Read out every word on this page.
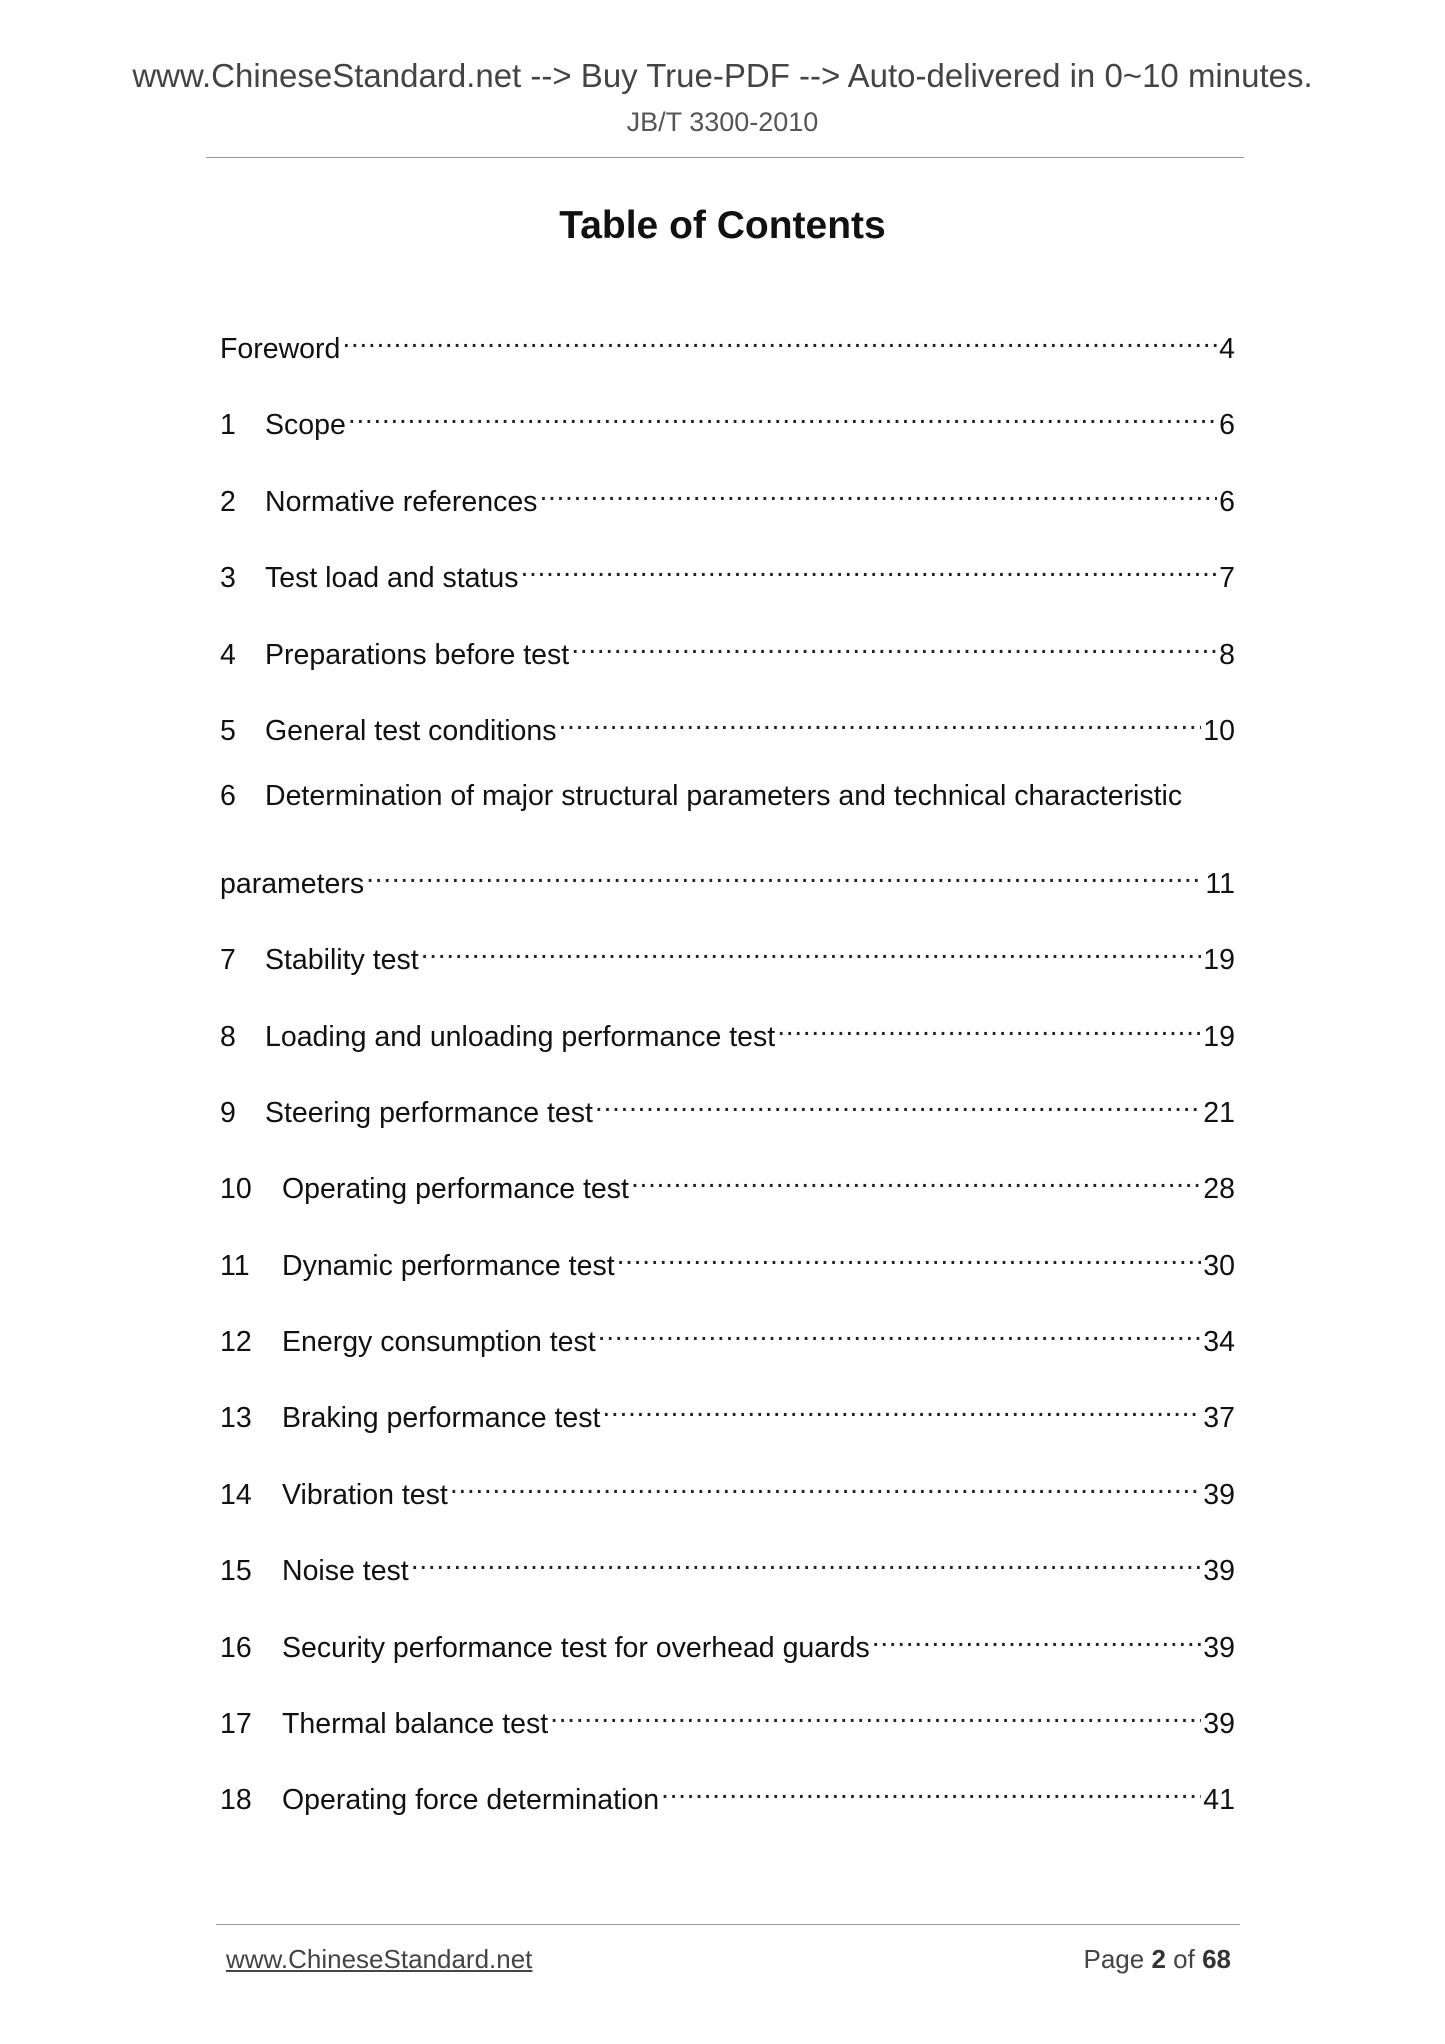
www.ChineseStandard.net --> Buy True-PDF --> Auto-delivered in 0~10 minutes.
JB/T 3300-2010
Table of Contents
Foreword .....	4
1	Scope .....	6
2	Normative references .....	6
3	Test load and status .....	7
4	Preparations before test .....	8
5	General test conditions .....	10
6	Determination of major structural parameters and technical characteristic
parameters .....	11
7	Stability test .....	19
8	Loading and unloading performance test .....	19
9	Steering performance test .....	21
10	Operating performance test .....	28
11	Dynamic performance test .....	30
12	Energy consumption test .....	34
13	Braking performance test .....	37
14	Vibration test .....	39
15	Noise test .....	39
16	Security performance test for overhead guards .....	39
17	Thermal balance test .....	39
18	Operating force determination .....	41
www.ChineseStandard.net	Page 2 of 68
